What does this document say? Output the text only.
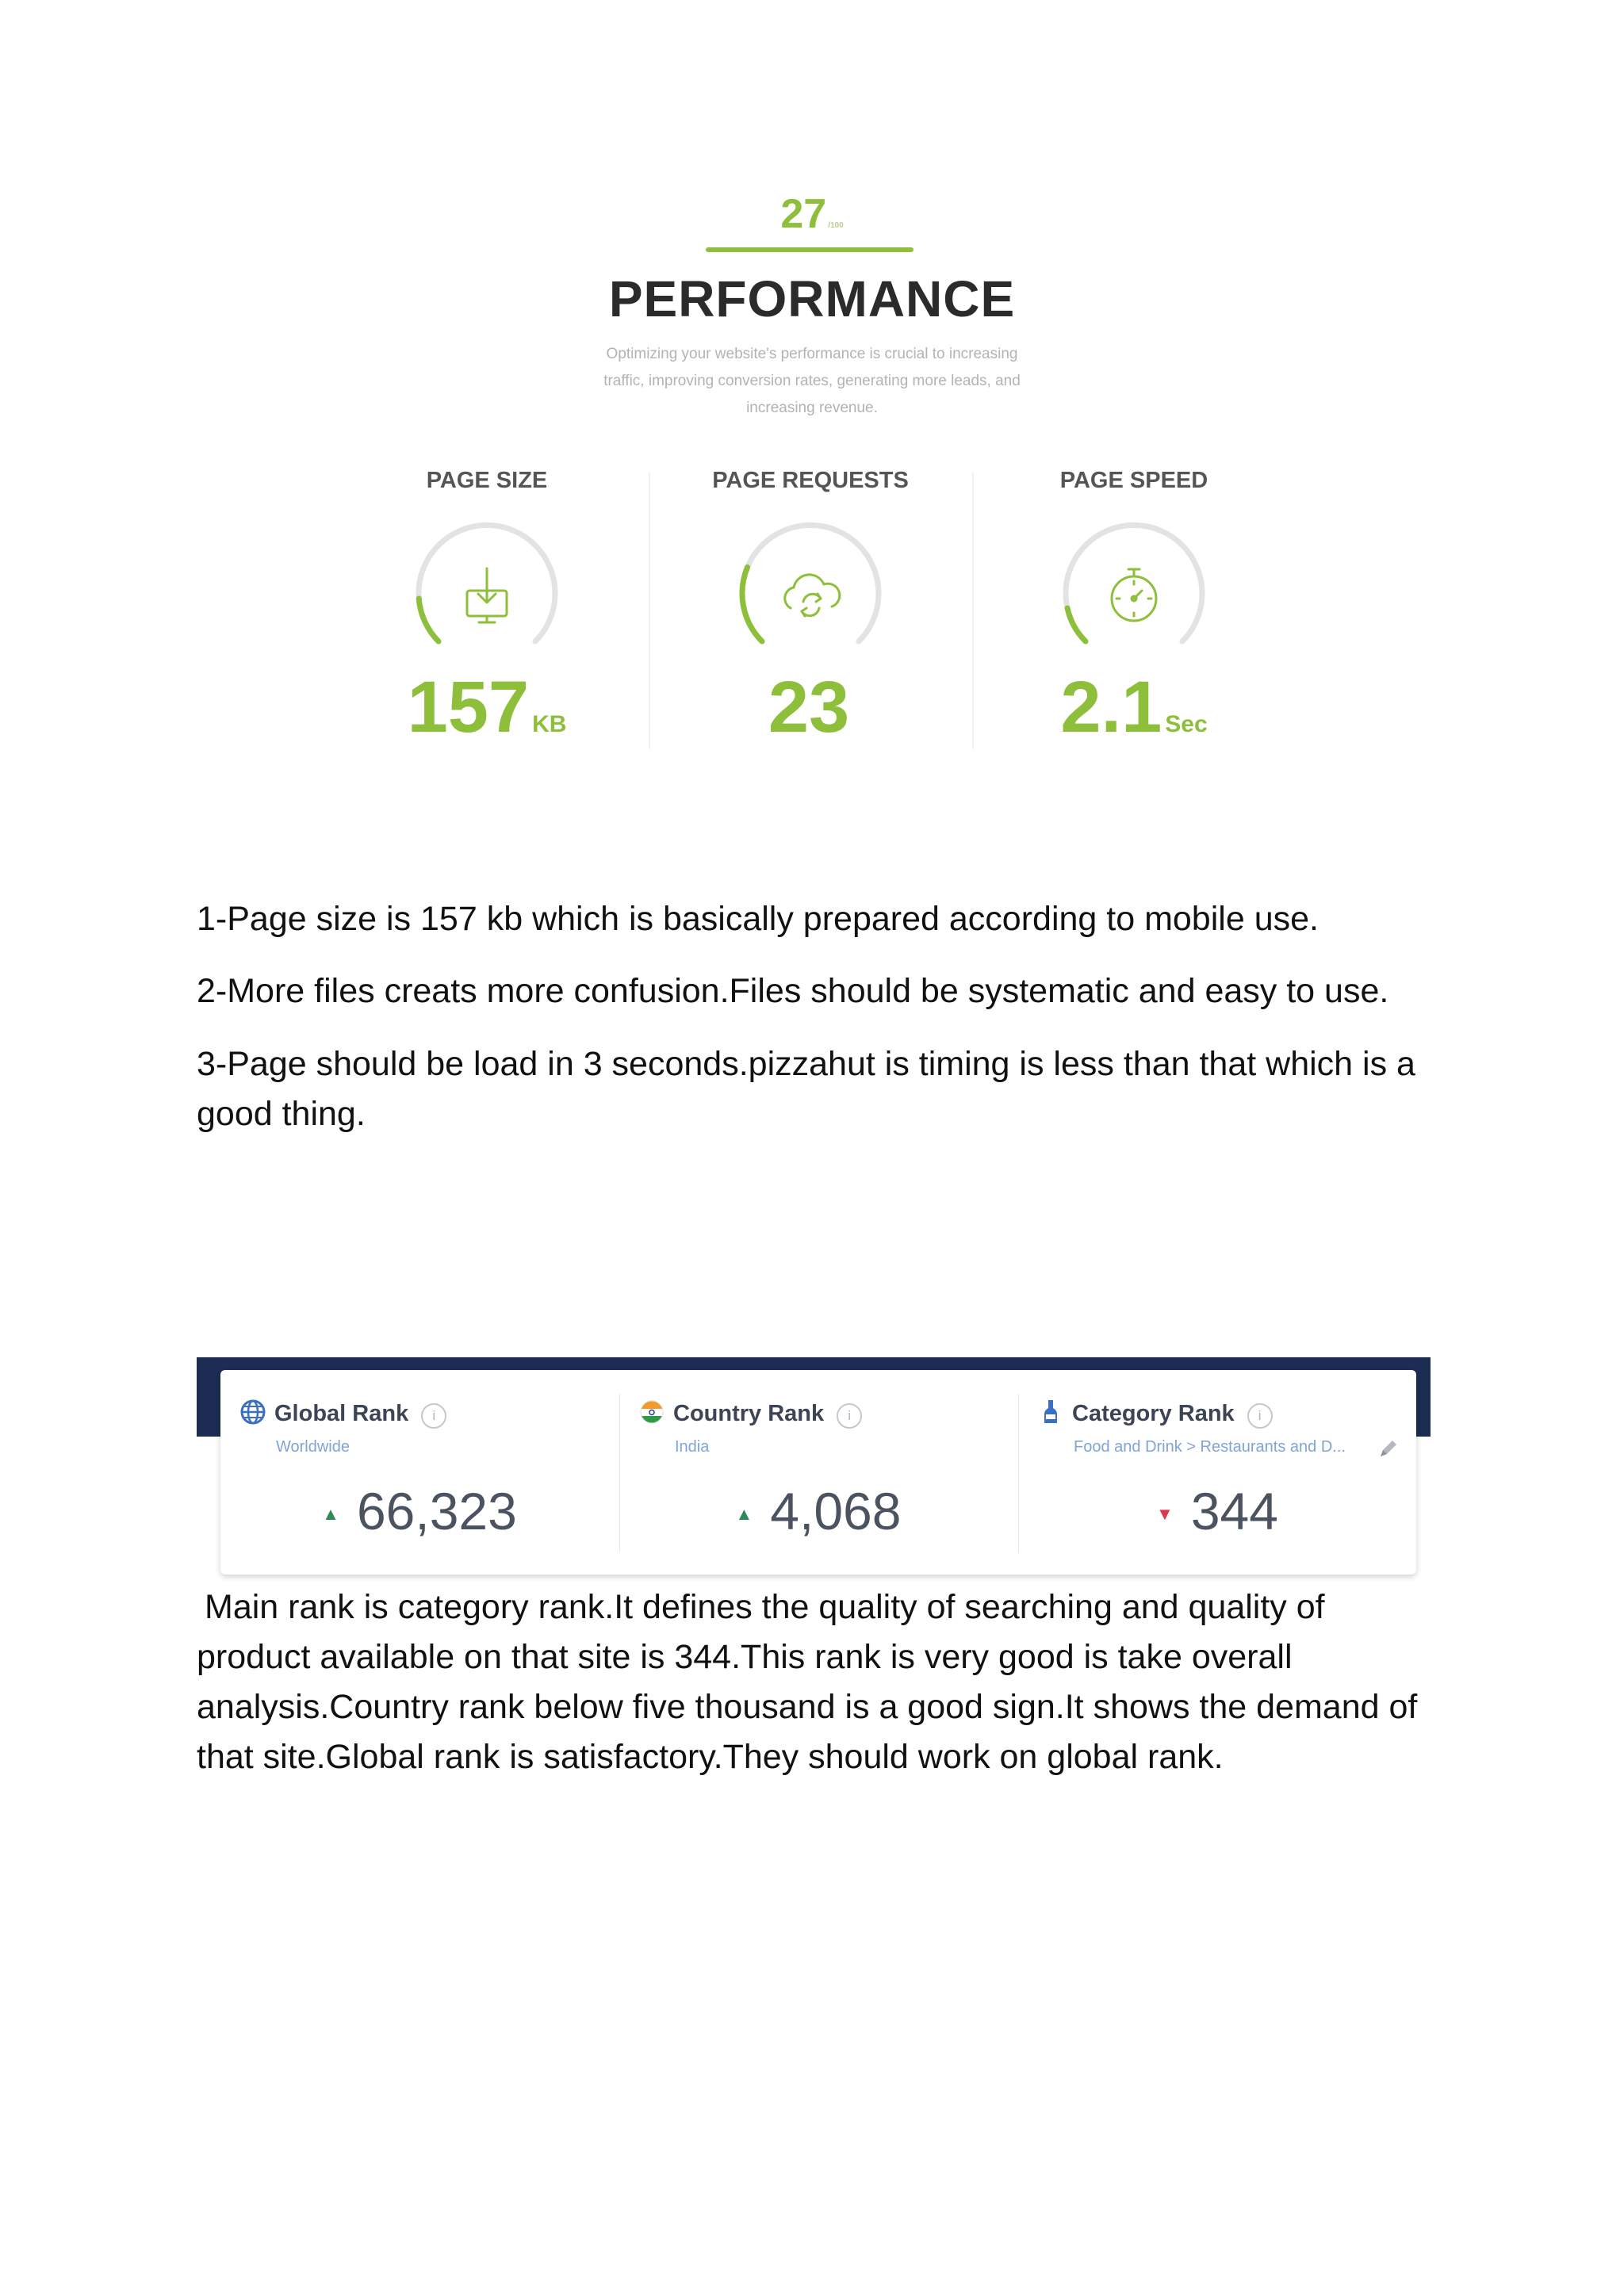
27 /100
PERFORMANCE
Optimizing your website's performance is crucial to increasing traffic, improving conversion rates, generating more leads, and increasing revenue.
PAGE SIZE
157 KB
PAGE REQUESTS
23
PAGE SPEED
2.1 Sec
1-Page size is 157 kb which is basically prepared according to mobile use.
2-More files creats more confusion.Files should be systematic and easy to use.
3-Page should be load in 3 seconds.pizzahut is timing is less than that which is a good thing.
Global Rank i
Worldwide
▲ 66,323
Country Rank i
India
▲ 4,068
Category Rank i
Food and Drink > Restaurants and D...
▼ 344
Main rank is category rank.It defines the quality of searching and quality of product available on that site is 344.This rank is very good is take overall analysis.Country rank below five thousand is a good sign.It shows the demand of that site.Global rank is satisfactory.They should work on global rank.
